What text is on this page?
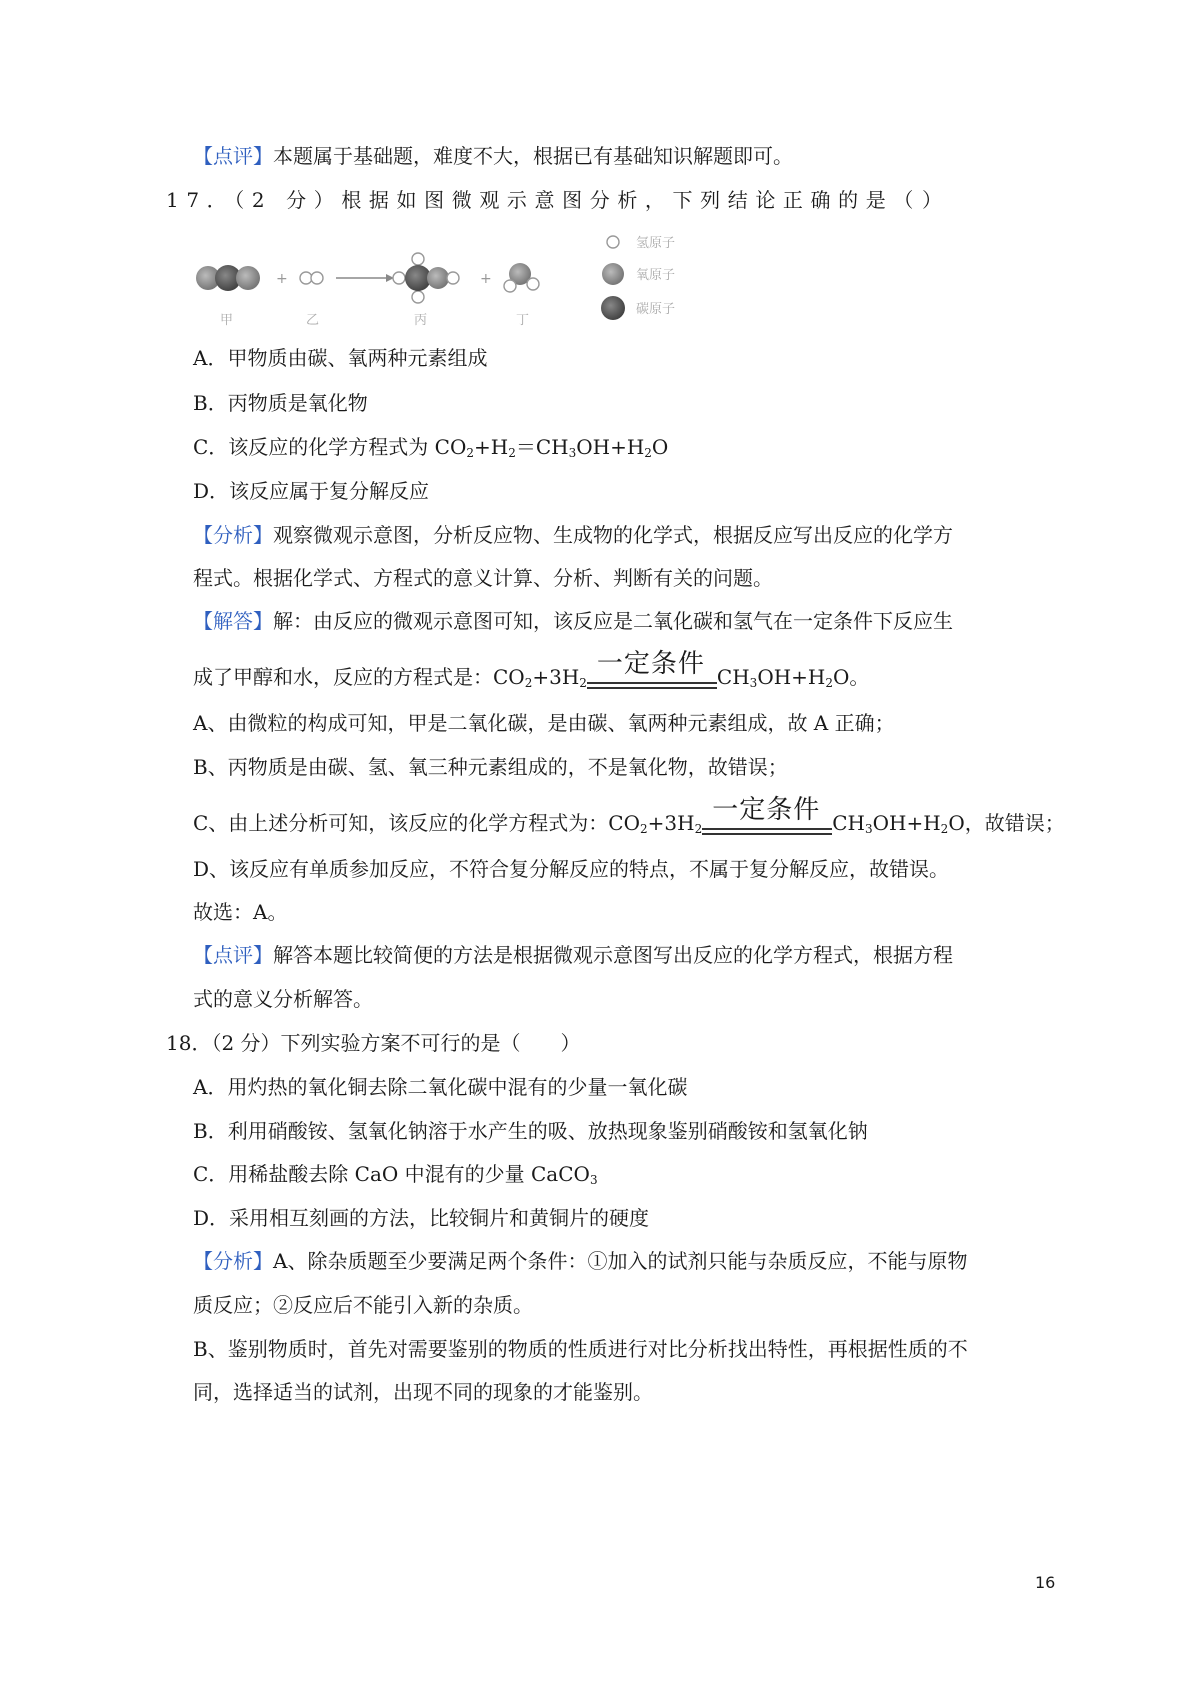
【点评】本题属于基础题，难度不大，根据已有基础知识解题即可。
17．（2 分）根据如图微观示意图分析，下列结论正确的是（ ）
+	+
甲	乙	丙	丁
氢原子
氧原子
碳原子
A．甲物质由碳、氧两种元素组成
B．丙物质是氧化物
C．该反应的化学方程式为 $CO_2+H_2=CH_3OH+H_2O$
D．该反应属于复分解反应
【分析】观察微观示意图，分析反应物、生成物的化学式，根据反应写出反应的化学方
程式。根据化学式、方程式的意义计算、分析、判断有关的问题。
【解答】解：由反应的微观示意图可知，该反应是二氧化碳和氢气在一定条件下反应生
成了甲醇和水，反应的方程式是：$CO_2+3H_2$
一定条件 $CH_3OH+H_2O$。
A、由微粒的构成可知，甲是二氧化碳，是由碳、氧两种元素组成，故 A 正确；
B、丙物质是由碳、氢、氧三种元素组成的，不是氧化物，故错误；
C、由上述分析可知，该反应的化学方程式为：$CO_2+3H_2$
一定条件 $CH_3OH+H_2O$，故错误；
D、该反应有单质参加反应，不符合复分解反应的特点，不属于复分解反应，故错误。
故选：A。
【点评】解答本题比较简便的方法是根据微观示意图写出反应的化学方程式，根据方程
式的意义分析解答。
18．（2 分）下列实验方案不可行的是（　　）
A．用灼热的氧化铜去除二氧化碳中混有的少量一氧化碳
B．利用硝酸铵、氢氧化钠溶于水产生的吸、放热现象鉴别硝酸铵和氢氧化钠
C．用稀盐酸去除 CaO 中混有的少量 CaCO$_3$
D．采用相互刻画的方法，比较铜片和黄铜片的硬度
【分析】A、除杂质题至少要满足两个条件：①加入的试剂只能与杂质反应，不能与原物
质反应；②反应后不能引入新的杂质。
B、鉴别物质时，首先对需要鉴别的物质的性质进行对比分析找出特性，再根据性质的不
同，选择适当的试剂，出现不同的现象的才能鉴别。
16
